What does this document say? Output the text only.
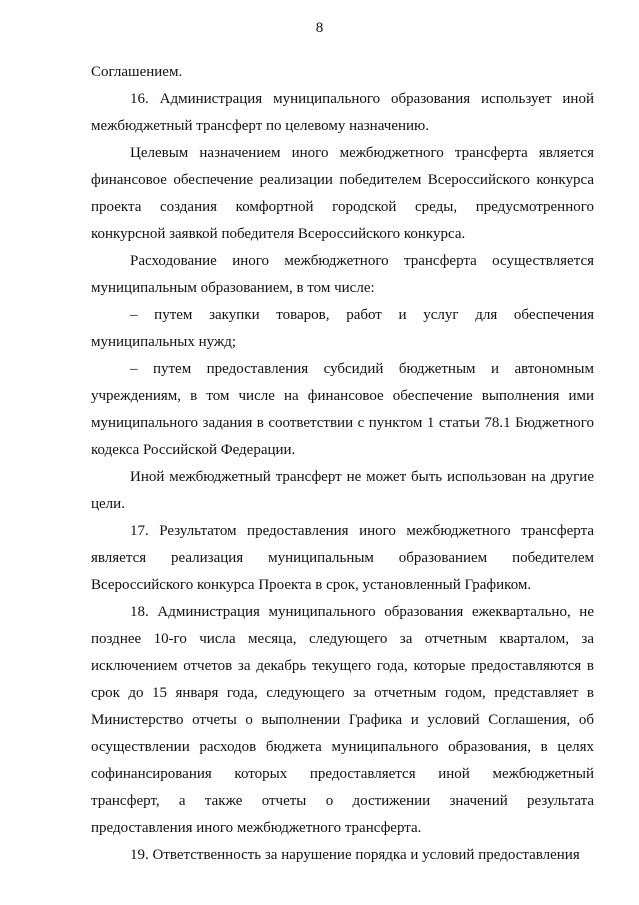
8
Соглашением.
16. Администрация муниципального образования использует иной
межбюджетный трансферт по целевому назначению.
Целевым назначением иного межбюджетного трансферта является
финансовое обеспечение реализации победителем Всероссийского конкурса
проекта создания комфортной городской среды, предусмотренного
конкурсной заявкой победителя Всероссийского конкурса.
Расходование иного межбюджетного трансферта осуществляется
муниципальным образованием, в том числе:
– путем закупки товаров, работ и услуг для обеспечения
муниципальных нужд;
– путем предоставления субсидий бюджетным и автономным
учреждениям, в том числе на финансовое обеспечение выполнения ими
муниципального задания в соответствии с пунктом 1 статьи 78.1 Бюджетного
кодекса Российской Федерации.
Иной межбюджетный трансферт не может быть использован на другие
цели.
17. Результатом предоставления иного межбюджетного трансферта
является реализация муниципальным образованием победителем
Всероссийского конкурса Проекта в срок, установленный Графиком.
18. Администрация муниципального образования ежеквартально, не
позднее 10-го числа месяца, следующего за отчетным кварталом, за
исключением отчетов за декабрь текущего года, которые предоставляются в
срок до 15 января года, следующего за отчетным годом, представляет в
Министерство отчеты о выполнении Графика и условий Соглашения, об
осуществлении расходов бюджета муниципального образования, в целях
софинансирования которых предоставляется иной межбюджетный
трансферт, а также отчеты о достижении значений результата
предоставления иного межбюджетного трансферта.
19. Ответственность за нарушение порядка и условий предоставления
